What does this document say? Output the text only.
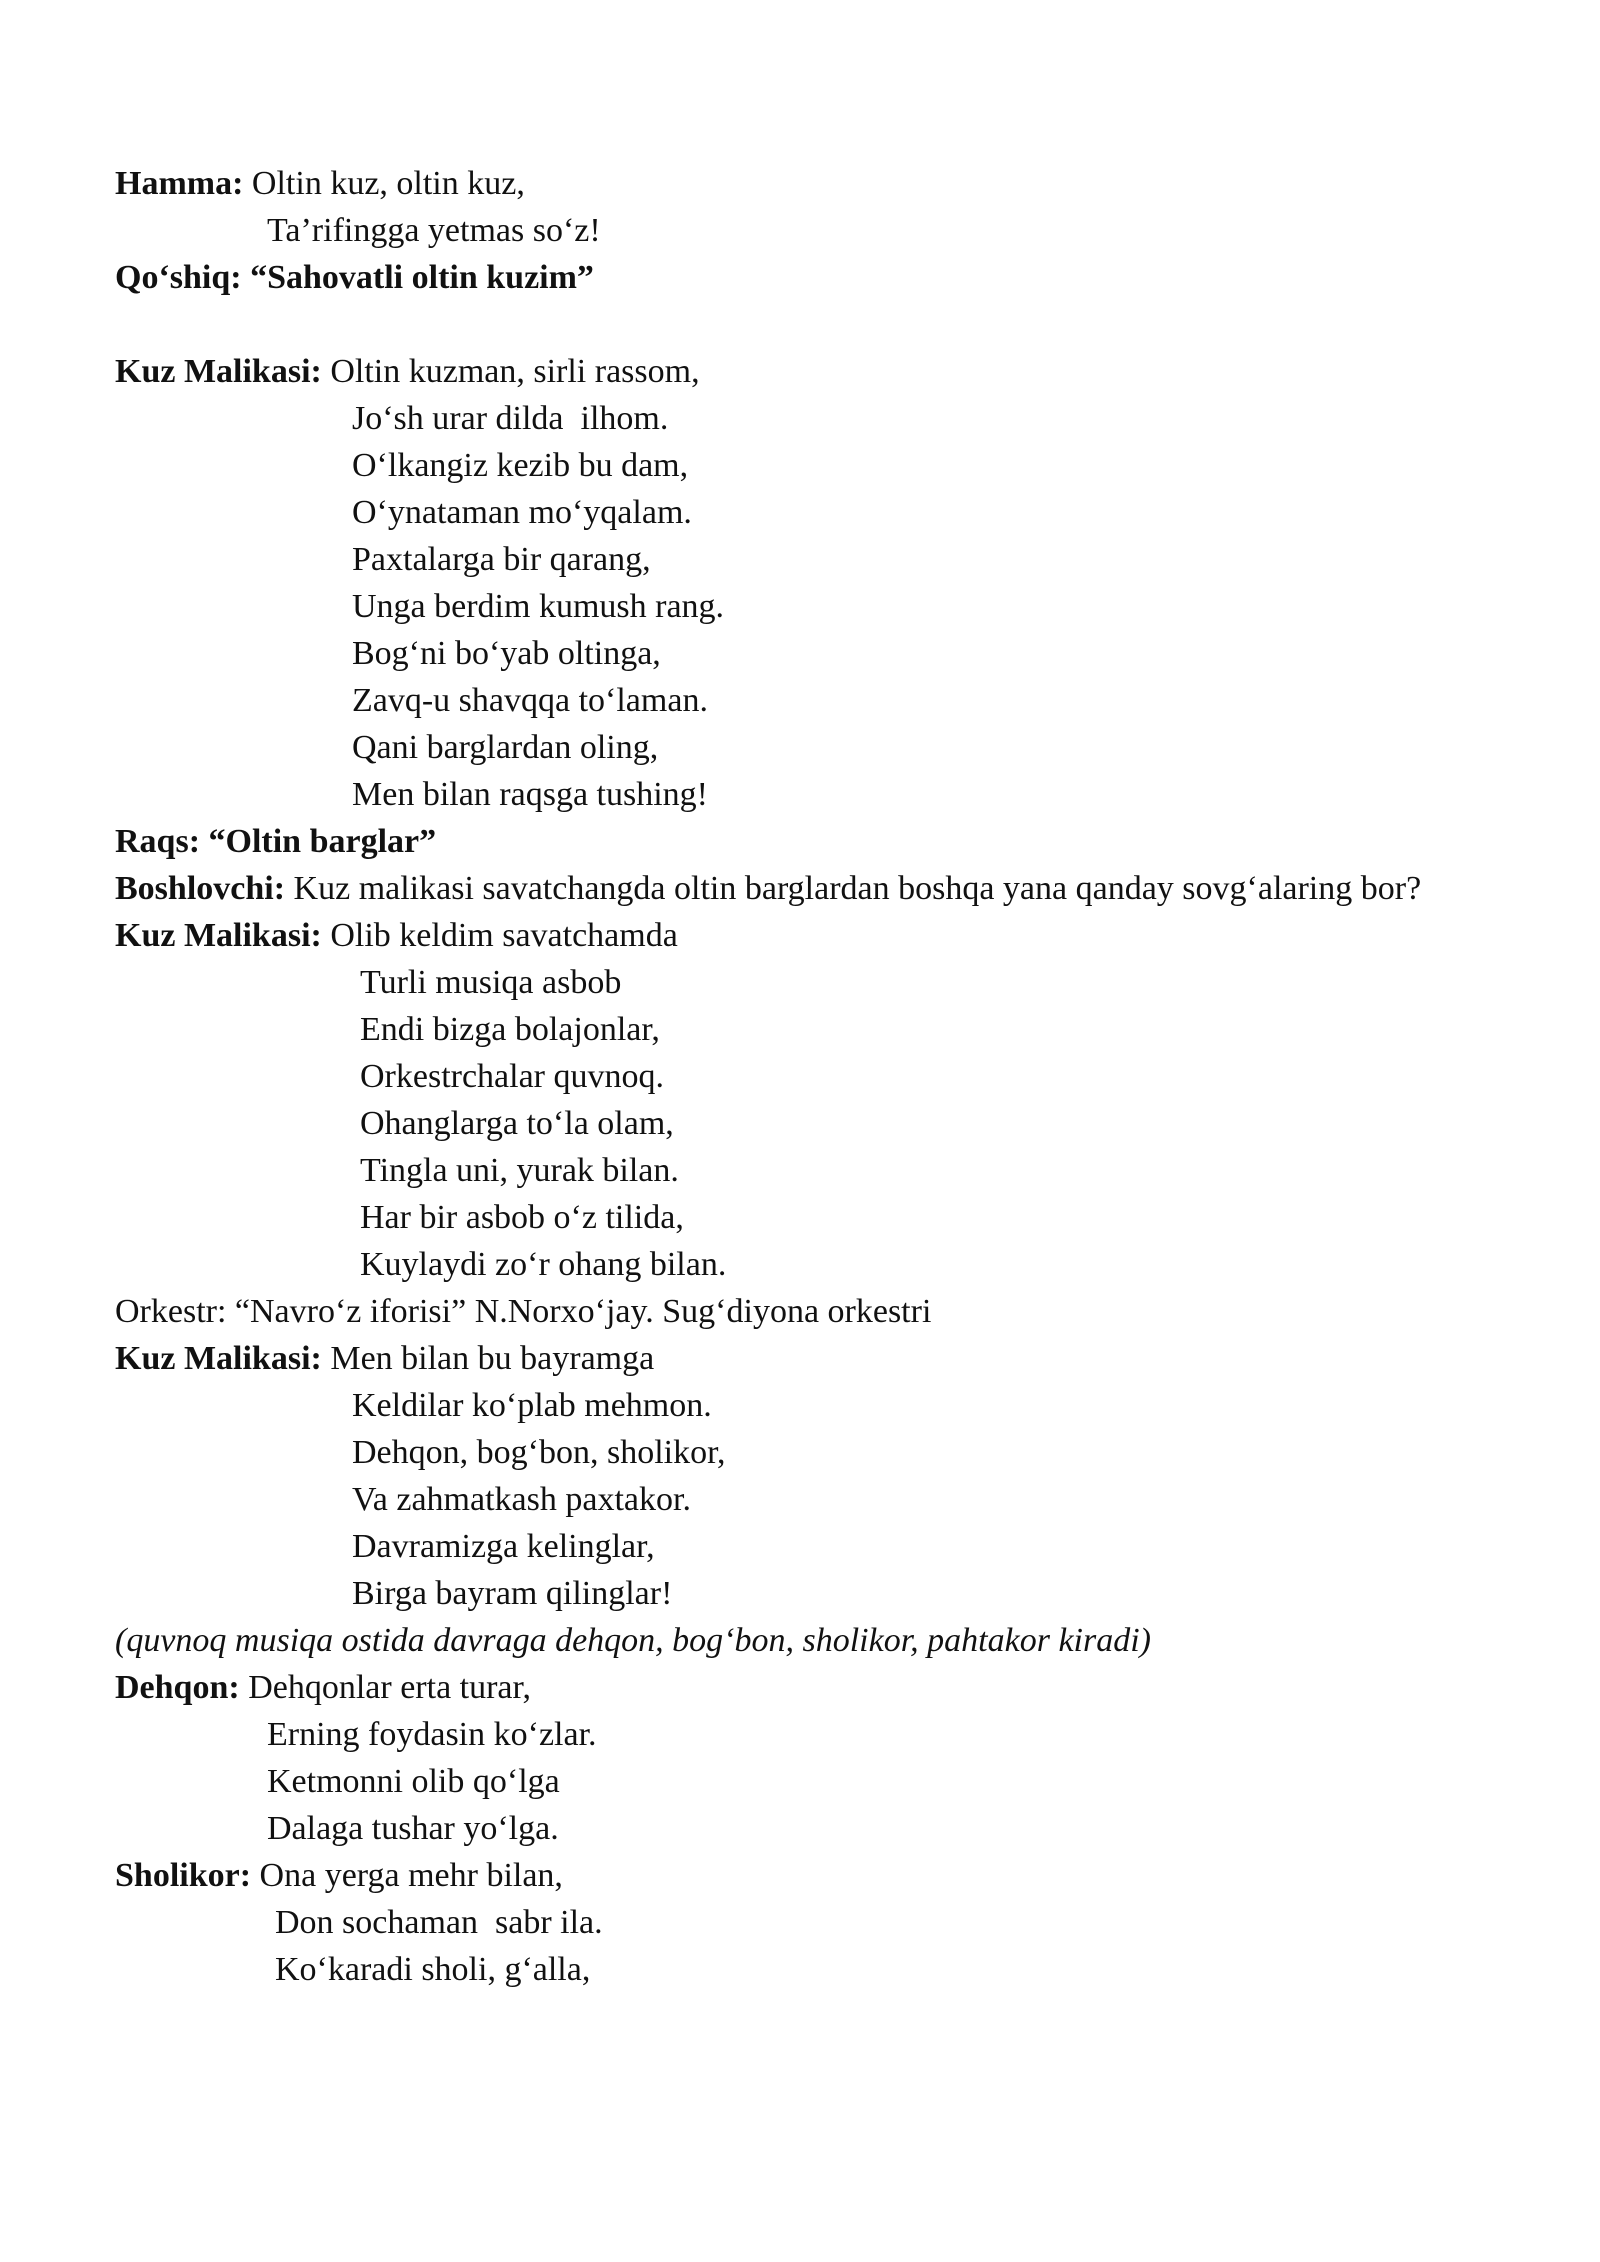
Hamma: Oltin kuz, oltin kuz,
Ta’rifingga yetmas so‘z!
Qo‘shiq: “Sahovatli oltin kuzim”
Kuz Malikasi: Oltin kuzman, sirli rassom,
Jo‘sh urar dilda  ilhom.
O‘lkangiz kezib bu dam,
O‘ynataman mo‘yqalam.
Paxtalarga bir qarang,
Unga berdim kumush rang.
Bog‘ni bo‘yab oltinga,
Zavq-u shavqqa to‘laman.
Qani barglardan oling,
Men bilan raqsga tushing!
Raqs: “Oltin barglar”
Boshlovchi: Kuz malikasi savatchangda oltin barglardan boshqa yana qanday sovg‘alaring bor?
Kuz Malikasi: Olib keldim savatchamda
Turli musiqa asbob
Endi bizga bolajonlar,
Orkestrchalar quvnoq.
Ohanglarga to‘la olam,
Tingla uni, yurak bilan.
Har bir asbob o‘z tilida,
Kuylaydi zo‘r ohang bilan.
Orkestr: “Navro‘z iforisi” N.Norxo‘jay. Sug‘diyona orkestri
Kuz Malikasi: Men bilan bu bayramga
Keldilar ko‘plab mehmon.
Dehqon, bog‘bon, sholikor,
Va zahmatkash paxtakor.
Davramizga kelinglar,
Birga bayram qilinglar!
(quvnoq musiqa ostida davraga dehqon, bog‘bon, sholikor, pahtakor kiradi)
Dehqon: Dehqonlar erta turar,
Erning foydasin ko‘zlar.
Ketmonni olib qo‘lga
Dalaga tushar yo‘lga.
Sholikor: Ona yerga mehr bilan,
Don sochaman  sabr ila.
Ko‘karadi sholi, g‘alla,
